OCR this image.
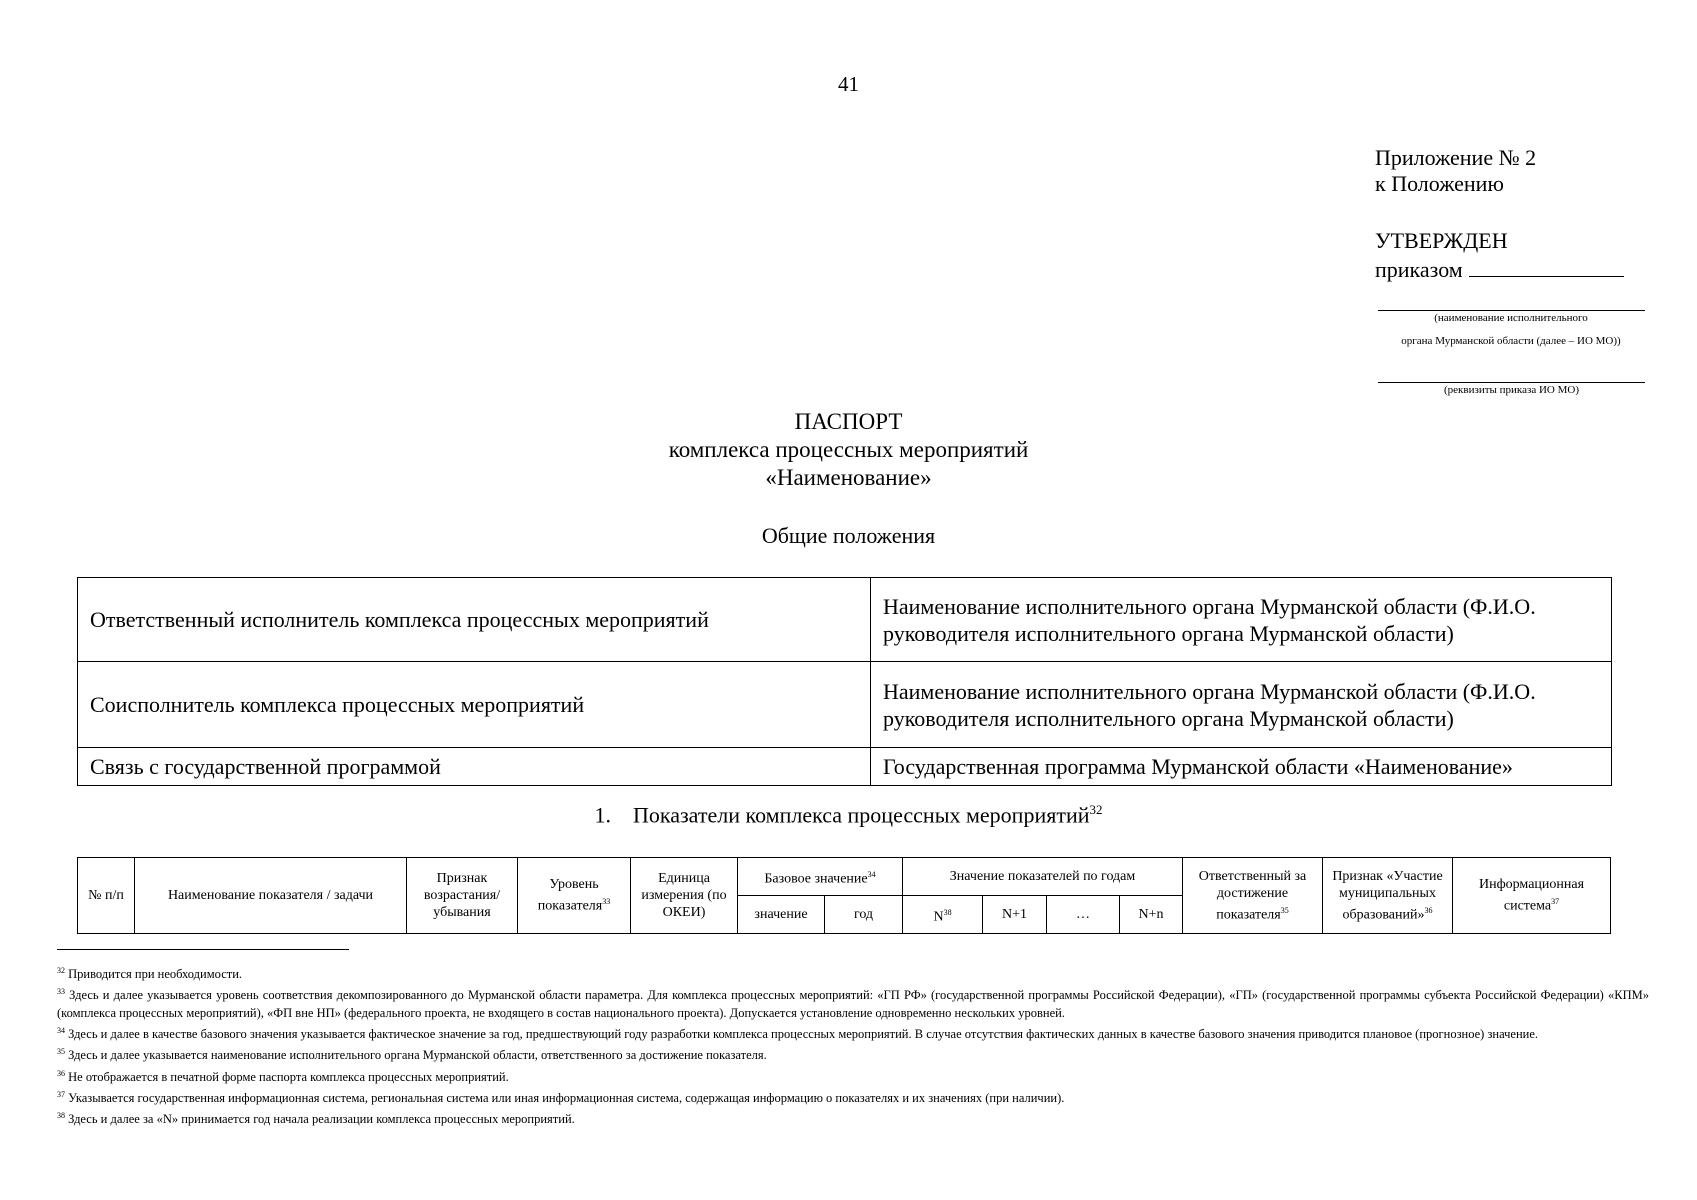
41
Приложение № 2
к Положению
УТВЕРЖДЕН
приказом
(наименование исполнительного
органа Мурманской области (далее – ИО МО))
(реквизиты приказа ИО МО)
ПАСПОРТ
комплекса процессных мероприятий
«Наименование»
Общие положения
Ответственный исполнитель комплекса процессных мероприятий	Наименование исполнительного органа Мурманской области (Ф.И.О. руководителя исполнительного органа Мурманской области)
Соисполнитель комплекса процессных мероприятий	Наименование исполнительного органа Мурманской области (Ф.И.О. руководителя исполнительного органа Мурманской области)
Связь с государственной программой	Государственная программа Мурманской области «Наименование»
1. Показатели комплекса процессных мероприятий$^{32}$
№ п/п	Наименование показателя / задачи	Признак возрастания/ убывания	Уровень показателя$^{33}$	Единица измерения (по ОКЕИ)	Базовое значение$^{34}$		Значение показателей по годам				Ответственный за достижение показателя$^{35}$	Признак «Участие муниципальных образований»$^{36}$	Информационная система$^{37}$
					значение	год	$N^{38}$	N+1	…	N+n			

$^{32}$ Приводится при необходимости.

$^{33}$ Здесь и далее указывается уровень соответствия декомпозированного до Мурманской области параметра. Для комплекса процессных мероприятий: «ГП РФ» (государственной программы Российской Федерации), «ГП» (государственной программы субъекта Российской Федерации) «КПМ» (комплекса процессных мероприятий), «ФП вне НП» (федерального проекта, не входящего в состав национального проекта). Допускается установление одновременно нескольких уровней.

$^{34}$ Здесь и далее в качестве базового значения указывается фактическое значение за год, предшествующий году разработки комплекса процессных мероприятий. В случае отсутствия фактических данных в качестве базового значения приводится плановое (прогнозное) значение.

$^{35}$ Здесь и далее указывается наименование исполнительного органа Мурманской области, ответственного за достижение показателя.

$^{36}$ Не отображается в печатной форме паспорта комплекса процессных мероприятий.

$^{37}$ Указывается государственная информационная система, региональная система или иная информационная система, содержащая информацию о показателях и их значениях (при наличии).

$^{38}$ Здесь и далее за «N» принимается год начала реализации комплекса процессных мероприятий.
